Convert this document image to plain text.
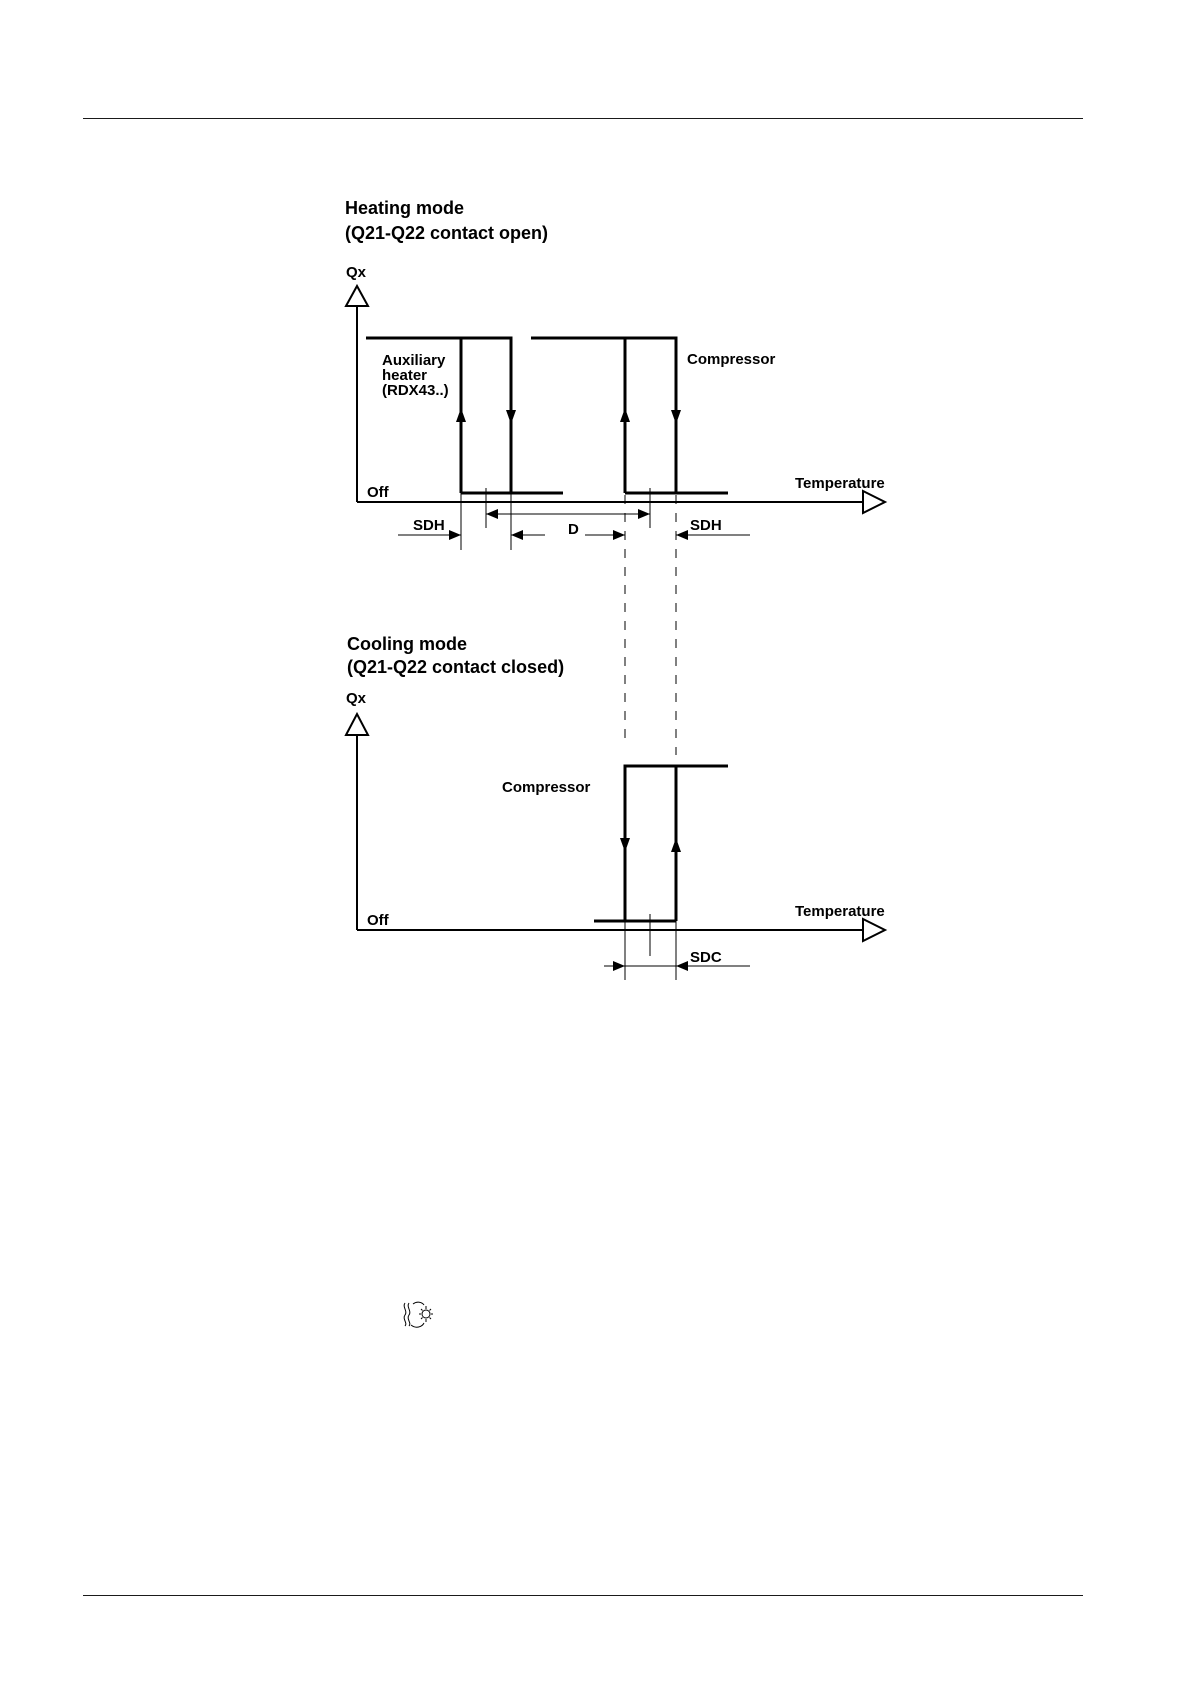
Heating mode
(Q21-Q22 contact open)
Qx
Temperature
Off
Auxiliary
heater
(RDX43..)
Compressor
D
SDH	SDH
Cooling mode
(Q21-Q22 contact closed)
Qx
Temperature
Off
Compressor
SDC
